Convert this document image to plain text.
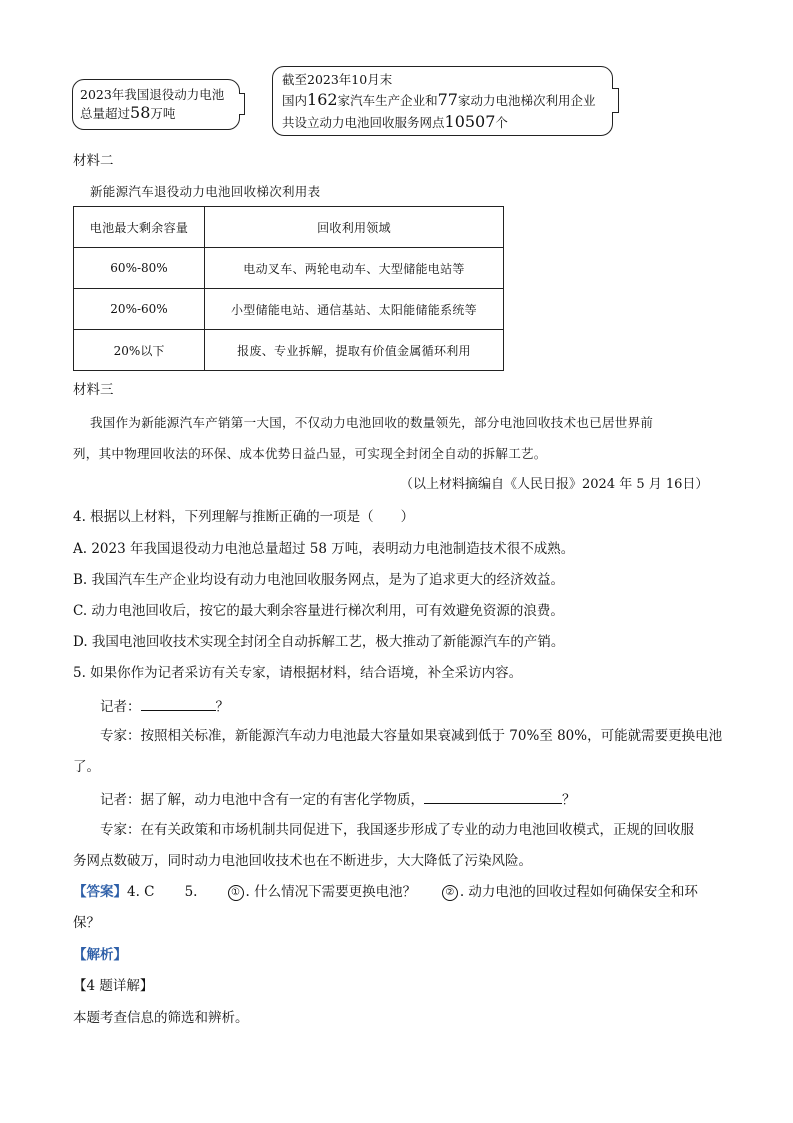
2023年我国退役动力电池
总量超过58万吨
截至2023年10月末
国内162家汽车生产企业和77家动力电池梯次利用企业
共设立动力电池回收服务网点10507个
材料二
新能源汽车退役动力电池回收梯次利用表
电池最大剩余容量	回收利用领域
60%-80%	电动叉车、两轮电动车、大型储能电站等
20%-60%	小型储能电站、通信基站、太阳能储能系统等
20%以下	报废、专业拆解，提取有价值金属循环利用
材料三
我国作为新能源汽车产销第一大国，不仅动力电池回收的数量领先，部分电池回收技术也已居世界前
列，其中物理回收法的环保、成本优势日益凸显，可实现全封闭全自动的拆解工艺。
（以上材料摘编自《人民日报》2024 年 5 月 16日）
4. 根据以上材料，下列理解与推断正确的一项是（　　）
A. 2023 年我国退役动力电池总量超过 58 万吨，表明动力电池制造技术很不成熟。
B. 我国汽车生产企业均设有动力电池回收服务网点，是为了追求更大的经济效益。
C. 动力电池回收后，按它的最大剩余容量进行梯次利用，可有效避免资源的浪费。
D. 我国电池回收技术实现全封闭全自动拆解工艺，极大推动了新能源汽车的产销。
5. 如果你作为记者采访有关专家，请根据材料，结合语境，补全采访内容。
记者：	？
专家：按照相关标准，新能源汽车动力电池最大容量如果衰减到低于 70%至 80%，可能就需要更换电池
了。
记者：据了解，动力电池中含有一定的有害化学物质，	？
专家：在有关政策和市场机制共同促进下，我国逐步形成了专业的动力电池回收模式，正规的回收服
务网点数破万，同时动力电池回收技术也在不断进步，大大降低了污染风险。
【答案】4. C 5.	① . 什么情况下需要更换电池？	② . 动力电池的回收过程如何确保安全和环
保？
【解析】
【4 题详解】
本题考查信息的筛选和辨析。
